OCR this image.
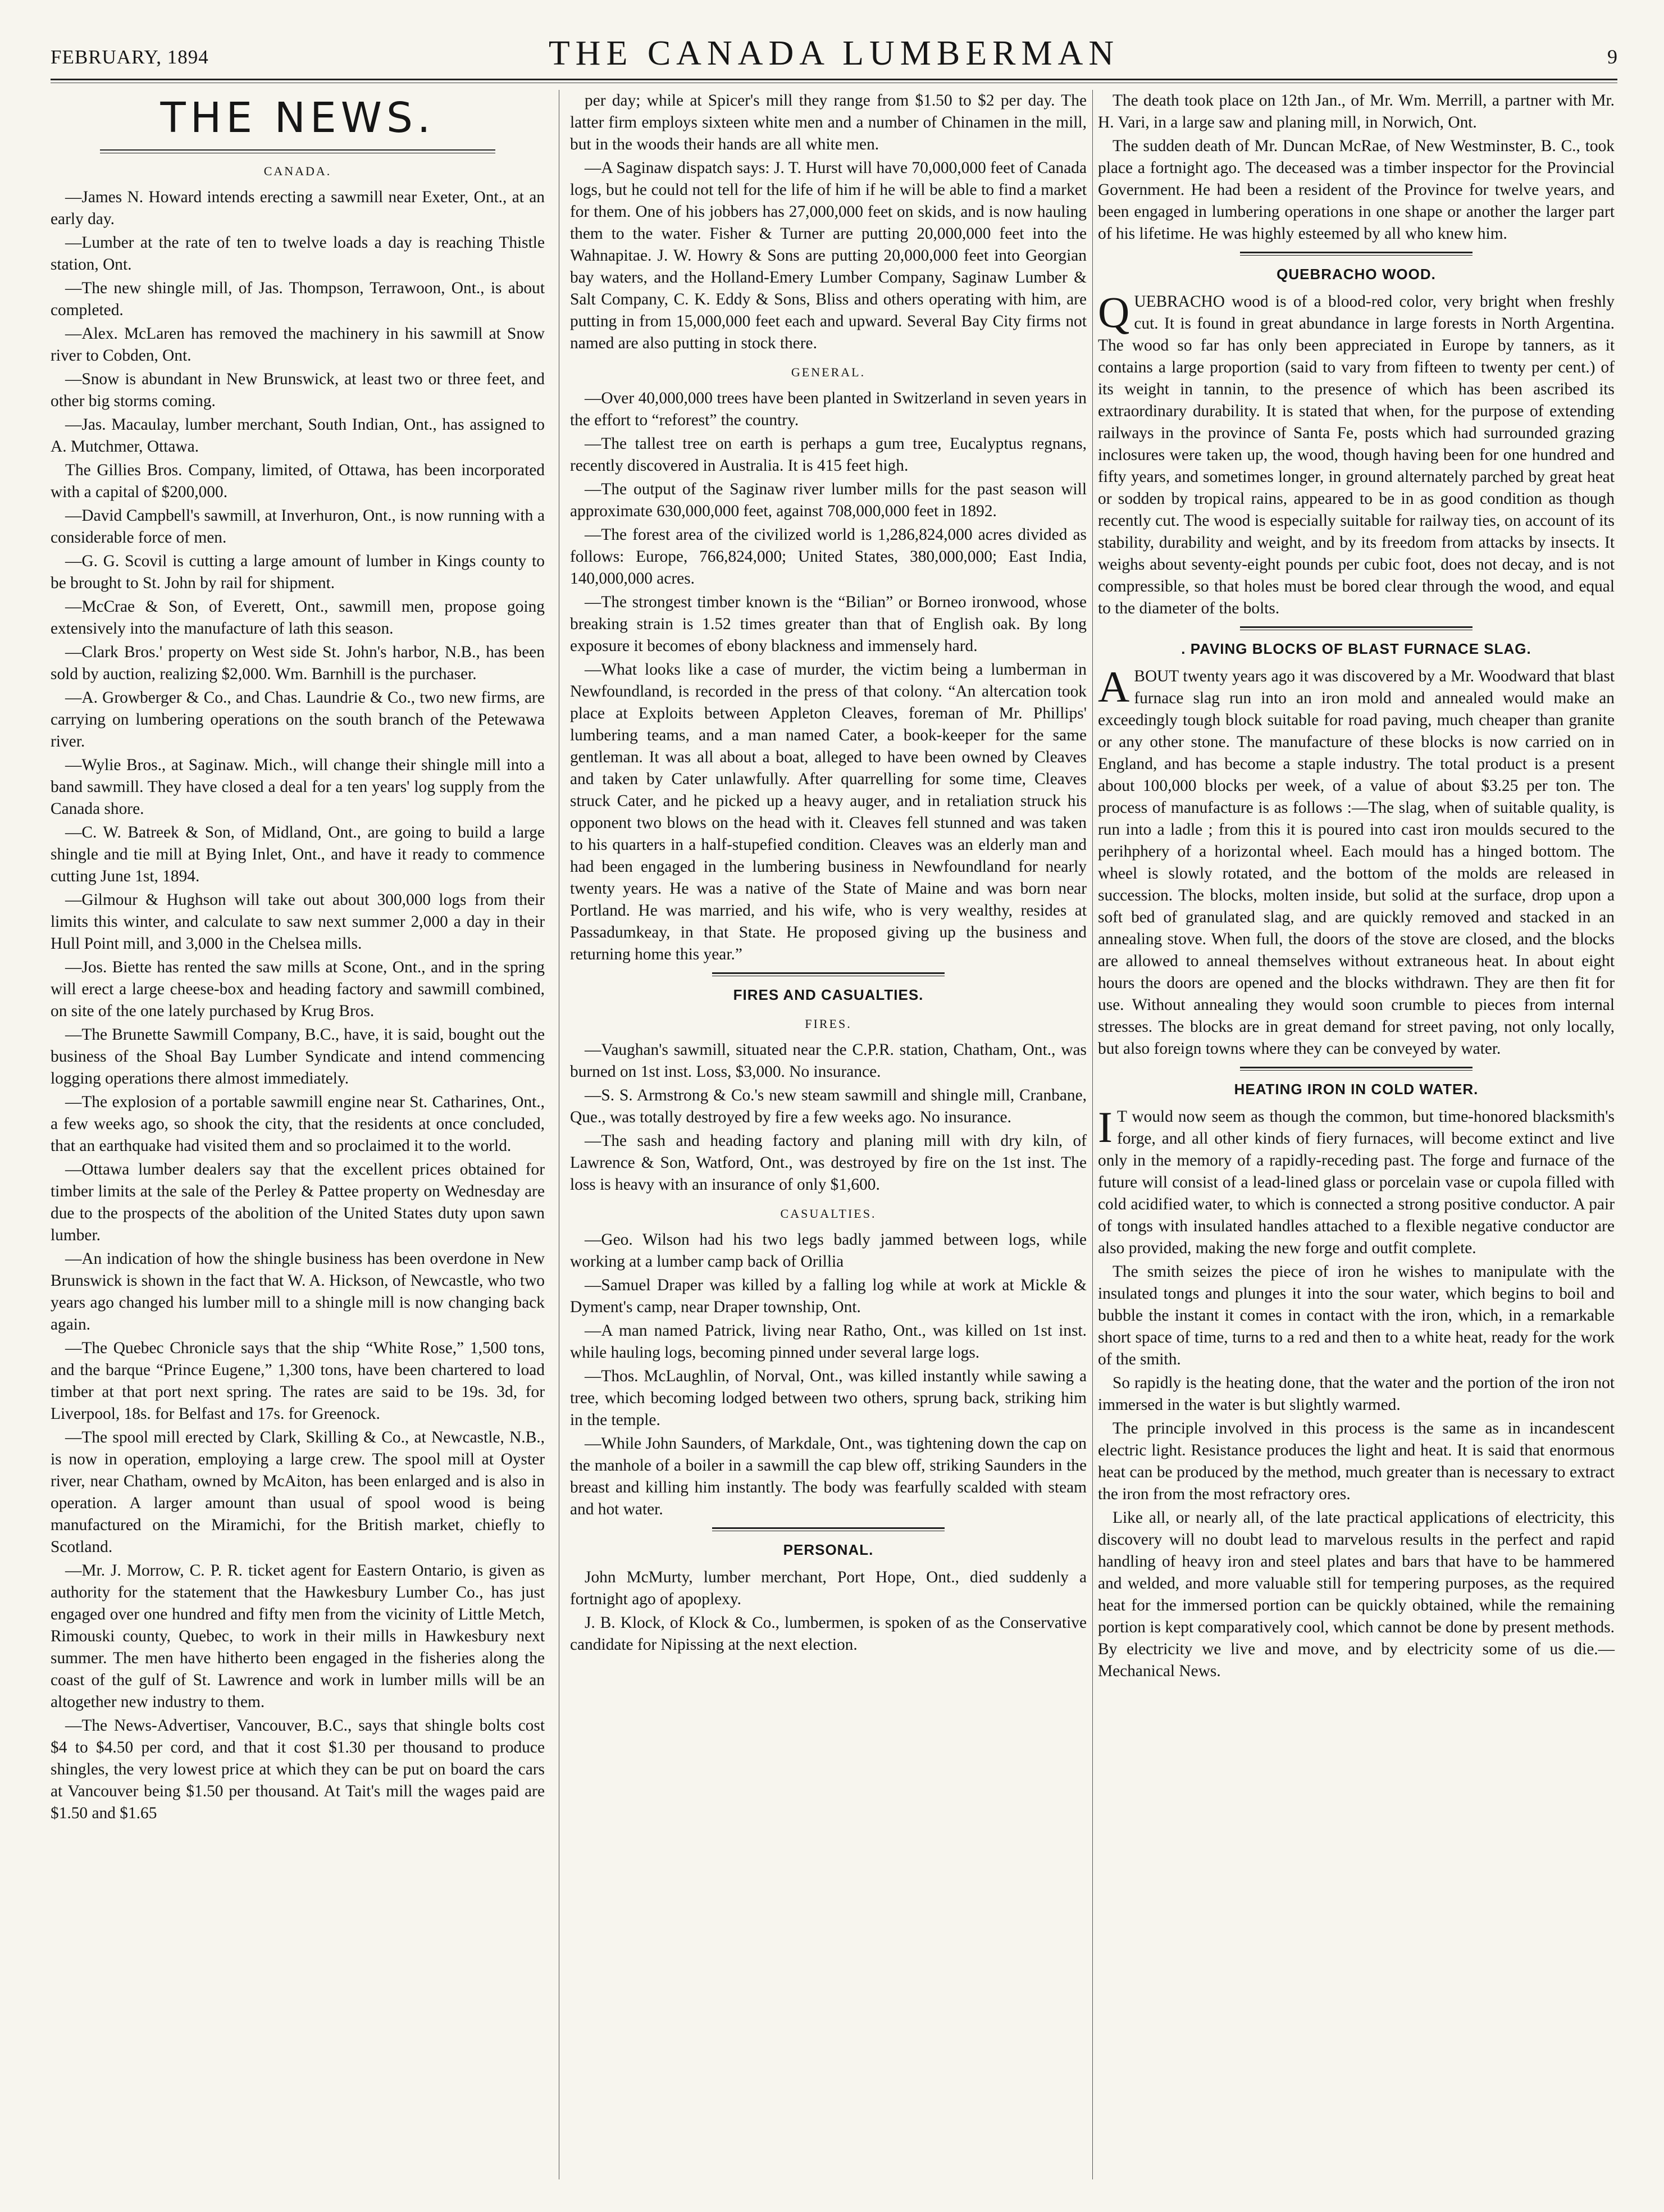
FEBRUARY, 1894	THE CANADA LUMBERMAN	9
THE NEWS.
CANADA.

—James N. Howard intends erecting a sawmill near Exeter, Ont., at an early day.

—Lumber at the rate of ten to twelve loads a day is reaching Thistle station, Ont.

—The new shingle mill, of Jas. Thompson, Terrawoon, Ont., is about completed.

—Alex. McLaren has removed the machinery in his sawmill at Snow river to Cobden, Ont.

—Snow is abundant in New Brunswick, at least two or three feet, and other big storms coming.

—Jas. Macaulay, lumber merchant, South Indian, Ont., has assigned to A. Mutchmer, Ottawa.

The Gillies Bros. Company, limited, of Ottawa, has been incorporated with a capital of $200,000.

—David Campbell's sawmill, at Inverhuron, Ont., is now running with a considerable force of men.

—G. G. Scovil is cutting a large amount of lumber in Kings county to be brought to St. John by rail for shipment.

—McCrae & Son, of Everett, Ont., sawmill men, propose going extensively into the manufacture of lath this season.

—Clark Bros.' property on West side St. John's harbor, N.B., has been sold by auction, realizing $2,000. Wm. Barnhill is the purchaser.

—A. Growberger & Co., and Chas. Laundrie & Co., two new firms, are carrying on lumbering operations on the south branch of the Petewawa river.

—Wylie Bros., at Saginaw. Mich., will change their shingle mill into a band sawmill. They have closed a deal for a ten years' log supply from the Canada shore.

—C. W. Batreek & Son, of Midland, Ont., are going to build a large shingle and tie mill at Bying Inlet, Ont., and have it ready to commence cutting June 1st, 1894.

—Gilmour & Hughson will take out about 300,000 logs from their limits this winter, and calculate to saw next summer 2,000 a day in their Hull Point mill, and 3,000 in the Chelsea mills.

—Jos. Biette has rented the saw mills at Scone, Ont., and in the spring will erect a large cheese-box and heading factory and sawmill combined, on site of the one lately purchased by Krug Bros.

—The Brunette Sawmill Company, B.C., have, it is said, bought out the business of the Shoal Bay Lumber Syndicate and intend commencing logging operations there almost immediately.

—The explosion of a portable sawmill engine near St. Catharines, Ont., a few weeks ago, so shook the city, that the residents at once concluded, that an earthquake had visited them and so proclaimed it to the world.

—Ottawa lumber dealers say that the excellent prices obtained for timber limits at the sale of the Perley & Pattee property on Wednesday are due to the prospects of the abolition of the United States duty upon sawn lumber.

—An indication of how the shingle business has been overdone in New Brunswick is shown in the fact that W. A. Hickson, of Newcastle, who two years ago changed his lumber mill to a shingle mill is now changing back again.

—The Quebec Chronicle says that the ship “White Rose,” 1,500 tons, and the barque “Prince Eugene,” 1,300 tons, have been chartered to load timber at that port next spring. The rates are said to be 19s. 3d, for Liverpool, 18s. for Belfast and 17s. for Greenock.

—The spool mill erected by Clark, Skilling & Co., at Newcastle, N.B., is now in operation, employing a large crew. The spool mill at Oyster river, near Chatham, owned by McAiton, has been enlarged and is also in operation. A larger amount than usual of spool wood is being manufactured on the Miramichi, for the British market, chiefly to Scotland.

—Mr. J. Morrow, C. P. R. ticket agent for Eastern Ontario, is given as authority for the statement that the Hawkesbury Lumber Co., has just engaged over one hundred and fifty men from the vicinity of Little Metch, Rimouski county, Quebec, to work in their mills in Hawkesbury next summer. The men have hitherto been engaged in the fisheries along the coast of the gulf of St. Lawrence and work in lumber mills will be an altogether new industry to them.

—The News-Advertiser, Vancouver, B.C., says that shingle bolts cost $4 to $4.50 per cord, and that it cost $1.30 per thousand to produce shingles, the very lowest price at which they can be put on board the cars at Vancouver being $1.50 per thousand. At Tait's mill the wages paid are $1.50 and $1.65

per day; while at Spicer's mill they range from $1.50 to $2 per day. The latter firm employs sixteen white men and a number of Chinamen in the mill, but in the woods their hands are all white men.

—A Saginaw dispatch says: J. T. Hurst will have 70,000,000 feet of Canada logs, but he could not tell for the life of him if he will be able to find a market for them. One of his jobbers has 27,000,000 feet on skids, and is now hauling them to the water. Fisher & Turner are putting 20,000,000 feet into the Wahnapitae. J. W. Howry & Sons are putting 20,000,000 feet into Georgian bay waters, and the Holland-Emery Lumber Company, Saginaw Lumber & Salt Company, C. K. Eddy & Sons, Bliss and others operating with him, are putting in from 15,000,000 feet each and upward. Several Bay City firms not named are also putting in stock there.

GENERAL.

—Over 40,000,000 trees have been planted in Switzerland in seven years in the effort to “reforest” the country.

—The tallest tree on earth is perhaps a gum tree, Eucalyptus regnans, recently discovered in Australia. It is 415 feet high.

—The output of the Saginaw river lumber mills for the past season will approximate 630,000,000 feet, against 708,000,000 feet in 1892.

—The forest area of the civilized world is 1,286,824,000 acres divided as follows: Europe, 766,824,000; United States, 380,000,000; East India, 140,000,000 acres.

—The strongest timber known is the “Bilian” or Borneo ironwood, whose breaking strain is 1.52 times greater than that of English oak. By long exposure it becomes of ebony blackness and immensely hard.

—What looks like a case of murder, the victim being a lumberman in Newfoundland, is recorded in the press of that colony. “An altercation took place at Exploits between Appleton Cleaves, foreman of Mr. Phillips' lumbering teams, and a man named Cater, a book-keeper for the same gentleman. It was all about a boat, alleged to have been owned by Cleaves and taken by Cater unlawfully. After quarrelling for some time, Cleaves struck Cater, and he picked up a heavy auger, and in retaliation struck his opponent two blows on the head with it. Cleaves fell stunned and was taken to his quarters in a half-stupefied condition. Cleaves was an elderly man and had been engaged in the lumbering business in Newfoundland for nearly twenty years. He was a native of the State of Maine and was born near Portland. He was married, and his wife, who is very wealthy, resides at Passadumkeay, in that State. He proposed giving up the business and returning home this year.”

FIRES AND CASUALTIES.
FIRES.

—Vaughan's sawmill, situated near the C.P.R. station, Chatham, Ont., was burned on 1st inst. Loss, $3,000. No insurance.

—S. S. Armstrong & Co.'s new steam sawmill and shingle mill, Cranbane, Que., was totally destroyed by fire a few weeks ago. No insurance.

—The sash and heading factory and planing mill with dry kiln, of Lawrence & Son, Watford, Ont., was destroyed by fire on the 1st inst. The loss is heavy with an insurance of only $1,600.

CASUALTIES.

—Geo. Wilson had his two legs badly jammed between logs, while working at a lumber camp back of Orillia

—Samuel Draper was killed by a falling log while at work at Mickle & Dyment's camp, near Draper township, Ont.

—A man named Patrick, living near Ratho, Ont., was killed on 1st inst. while hauling logs, becoming pinned under several large logs.

—Thos. McLaughlin, of Norval, Ont., was killed instantly while sawing a tree, which becoming lodged between two others, sprung back, striking him in the temple.

—While John Saunders, of Markdale, Ont., was tightening down the cap on the manhole of a boiler in a sawmill the cap blew off, striking Saunders in the breast and killing him instantly. The body was fearfully scalded with steam and hot water.

PERSONAL.

John McMurty, lumber merchant, Port Hope, Ont., died suddenly a fortnight ago of apoplexy.

J. B. Klock, of Klock & Co., lumbermen, is spoken of as the Conservative candidate for Nipissing at the next election.

The death took place on 12th Jan., of Mr. Wm. Merrill, a partner with Mr. H. Vari, in a large saw and planing mill, in Norwich, Ont.

The sudden death of Mr. Duncan McRae, of New Westminster, B. C., took place a fortnight ago. The deceased was a timber inspector for the Provincial Government. He had been a resident of the Province for twelve years, and been engaged in lumbering operations in one shape or another the larger part of his lifetime. He was highly esteemed by all who knew him.

QUEBRACHO WOOD.

QUEBRACHO wood is of a blood-red color, very bright when freshly cut. It is found in great abundance in large forests in North Argentina. The wood so far has only been appreciated in Europe by tanners, as it contains a large proportion (said to vary from fifteen to twenty per cent.) of its weight in tannin, to the presence of which has been ascribed its extraordinary durability. It is stated that when, for the purpose of extending railways in the province of Santa Fe, posts which had surrounded grazing inclosures were taken up, the wood, though having been for one hundred and fifty years, and sometimes longer, in ground alternately parched by great heat or sodden by tropical rains, appeared to be in as good condition as though recently cut. The wood is especially suitable for railway ties, on account of its stability, durability and weight, and by its freedom from attacks by insects. It weighs about seventy-eight pounds per cubic foot, does not decay, and is not compressible, so that holes must be bored clear through the wood, and equal to the diameter of the bolts.

. PAVING BLOCKS OF BLAST FURNACE SLAG.

ABOUT twenty years ago it was discovered by a Mr. Woodward that blast furnace slag run into an iron mold and annealed would make an exceedingly tough block suitable for road paving, much cheaper than granite or any other stone. The manufacture of these blocks is now carried on in England, and has become a staple industry. The total product is a present about 100,000 blocks per week, of a value of about $3.25 per ton. The process of manufacture is as follows :—The slag, when of suitable quality, is run into a ladle ; from this it is poured into cast iron moulds secured to the perihphery of a horizontal wheel. Each mould has a hinged bottom. The wheel is slowly rotated, and the bottom of the molds are released in succession. The blocks, molten inside, but solid at the surface, drop upon a soft bed of granulated slag, and are quickly removed and stacked in an annealing stove. When full, the doors of the stove are closed, and the blocks are allowed to anneal themselves without extraneous heat. In about eight hours the doors are opened and the blocks withdrawn. They are then fit for use. Without annealing they would soon crumble to pieces from internal stresses. The blocks are in great demand for street paving, not only locally, but also foreign towns where they can be conveyed by water.

HEATING IRON IN COLD WATER.

I T would now seem as though the common, but time-honored blacksmith's forge, and all other kinds of fiery furnaces, will become extinct and live only in the memory of a rapidly-receding past. The forge and furnace of the future will consist of a lead-lined glass or porcelain vase or cupola filled with cold acidified water, to which is connected a strong positive conductor. A pair of tongs with insulated handles attached to a flexible negative conductor are also provided, making the new forge and outfit complete.

The smith seizes the piece of iron he wishes to manipulate with the insulated tongs and plunges it into the sour water, which begins to boil and bubble the instant it comes in contact with the iron, which, in a remarkable short space of time, turns to a red and then to a white heat, ready for the work of the smith.

So rapidly is the heating done, that the water and the portion of the iron not immersed in the water is but slightly warmed.

The principle involved in this process is the same as in incandescent electric light. Resistance produces the light and heat. It is said that enormous heat can be produced by the method, much greater than is necessary to extract the iron from the most refractory ores.

Like all, or nearly all, of the late practical applications of electricity, this discovery will no doubt lead to marvelous results in the perfect and rapid handling of heavy iron and steel plates and bars that have to be hammered and welded, and more valuable still for tempering purposes, as the required heat for the immersed portion can be quickly obtained, while the remaining portion is kept comparatively cool, which cannot be done by present methods. By electricity we live and move, and by electricity some of us die.—Mechanical News.
